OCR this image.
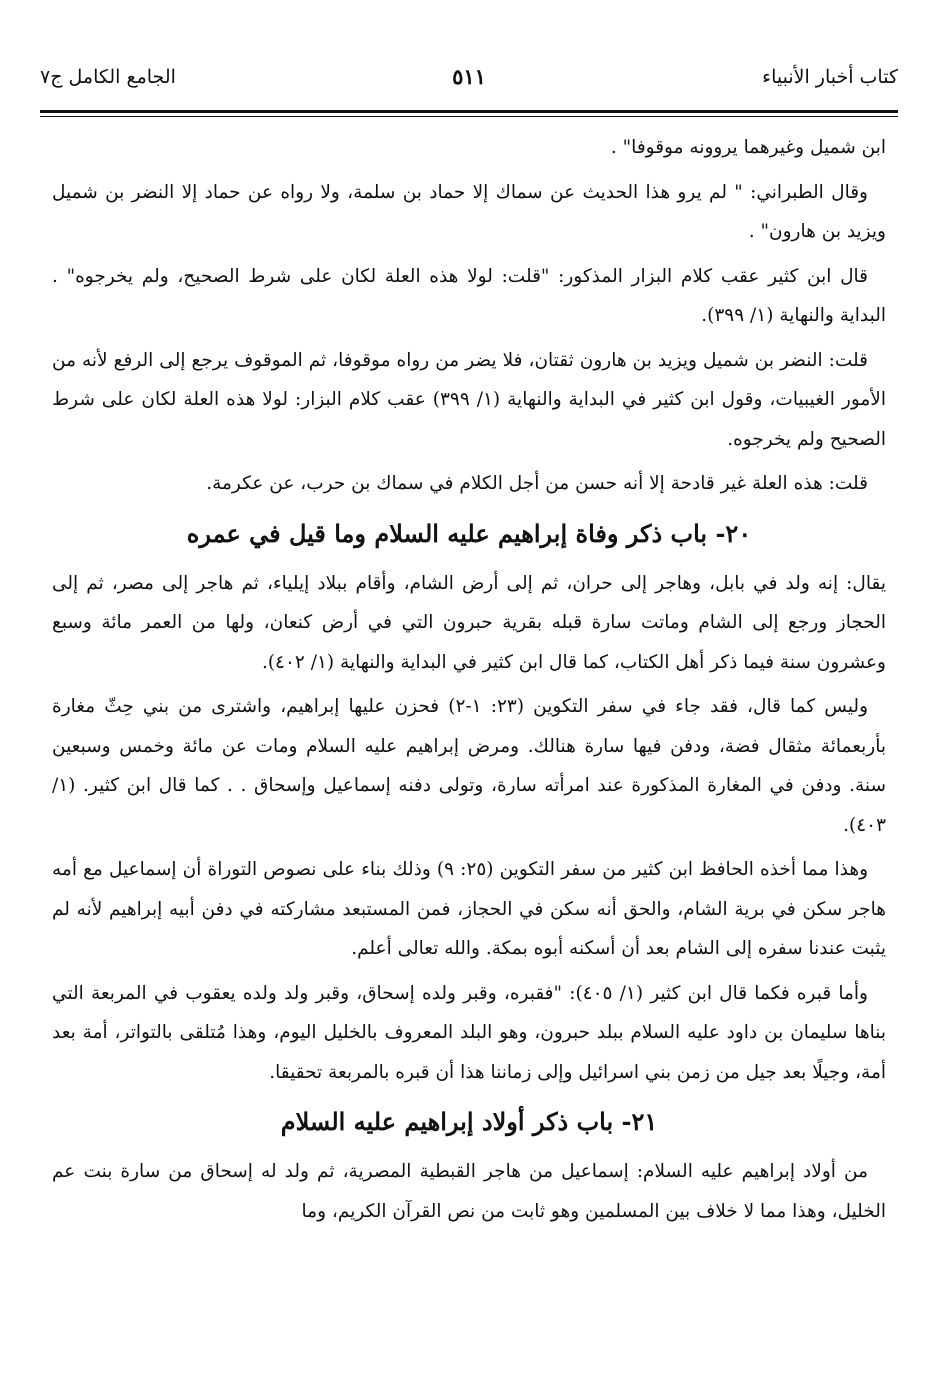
كتاب أخبار الأنبياء
٥١١
الجامع الكامل ج٧

ابن شميل وغيرهما يروونه موقوفا" .

وقال الطبراني: " لم يرو هذا الحديث عن سماك إلا حماد بن سلمة، ولا رواه عن حماد إلا النضر بن شميل ويزيد بن هارون" .

قال ابن كثير عقب كلام البزار المذكور: "قلت: لولا هذه العلة لكان على شرط الصحيح، ولم يخرجوه" . البداية والنهاية (١/ ٣٩٩).

قلت: النضر بن شميل ويزيد بن هارون ثقتان، فلا يضر من رواه موقوفا، ثم الموقوف يرجع إلى الرفع لأنه من الأمور الغيبيات، وقول ابن كثير في البداية والنهاية (١/ ٣٩٩) عقب كلام البزار: لولا هذه العلة لكان على شرط الصحيح ولم يخرجوه.

قلت: هذه العلة غير قادحة إلا أنه حسن من أجل الكلام في سماك بن حرب، عن عكرمة.

٢٠- باب ذكر وفاة إبراهيم عليه السلام وما قيل في عمره

يقال: إنه ولد في بابل، وهاجر إلى حران، ثم إلى أرض الشام، وأقام ببلاد إيلياء، ثم هاجر إلى مصر، ثم إلى الحجاز ورجع إلى الشام وماتت سارة قبله بقرية حبرون التي في أرض كنعان، ولها من العمر مائة وسبع وعشرون سنة فيما ذكر أهل الكتاب، كما قال ابن كثير في البداية والنهاية (١/ ٤٠٢).

وليس كما قال، فقد جاء في سفر التكوين (٢٣: ١-٢) فحزن عليها إبراهيم، واشترى من بني حِثّ مغارة بأربعمائة مثقال فضة، ودفن فيها سارة هنالك. ومرض إبراهيم عليه السلام ومات عن مائة وخمس وسبعين سنة. ودفن في المغارة المذكورة عند امرأته سارة، وتولى دفنه إسماعيل وإسحاق . . كما قال ابن كثير. (١/ ٤٠٣).

وهذا مما أخذه الحافظ ابن كثير من سفر التكوين (٢٥: ٩) وذلك بناء على نصوص التوراة أن إسماعيل مع أمه هاجر سكن في برية الشام، والحق أنه سكن في الحجاز، فمن المستبعد مشاركته في دفن أبيه إبراهيم لأنه لم يثبت عندنا سفره إلى الشام بعد أن أسكنه أبوه بمكة. والله تعالى أعلم.

وأما قبره فكما قال ابن كثير (١/ ٤٠٥): "فقبره، وقبر ولده إسحاق، وقبر ولد ولده يعقوب في المربعة التي بناها سليمان بن داود عليه السلام ببلد حبرون، وهو البلد المعروف بالخليل اليوم، وهذا مُتلقى بالتواتر، أمة بعد أمة، وجيلًا بعد جيل من زمن بني اسرائيل وإلى زماننا هذا أن قبره بالمربعة تحقيقا.

٢١- باب ذكر أولاد إبراهيم عليه السلام

من أولاد إبراهيم عليه السلام: إسماعيل من هاجر القبطية المصرية، ثم ولد له إسحاق من سارة بنت عم الخليل، وهذا مما لا خلاف بين المسلمين وهو ثابت من نص القرآن الكريم، وما
